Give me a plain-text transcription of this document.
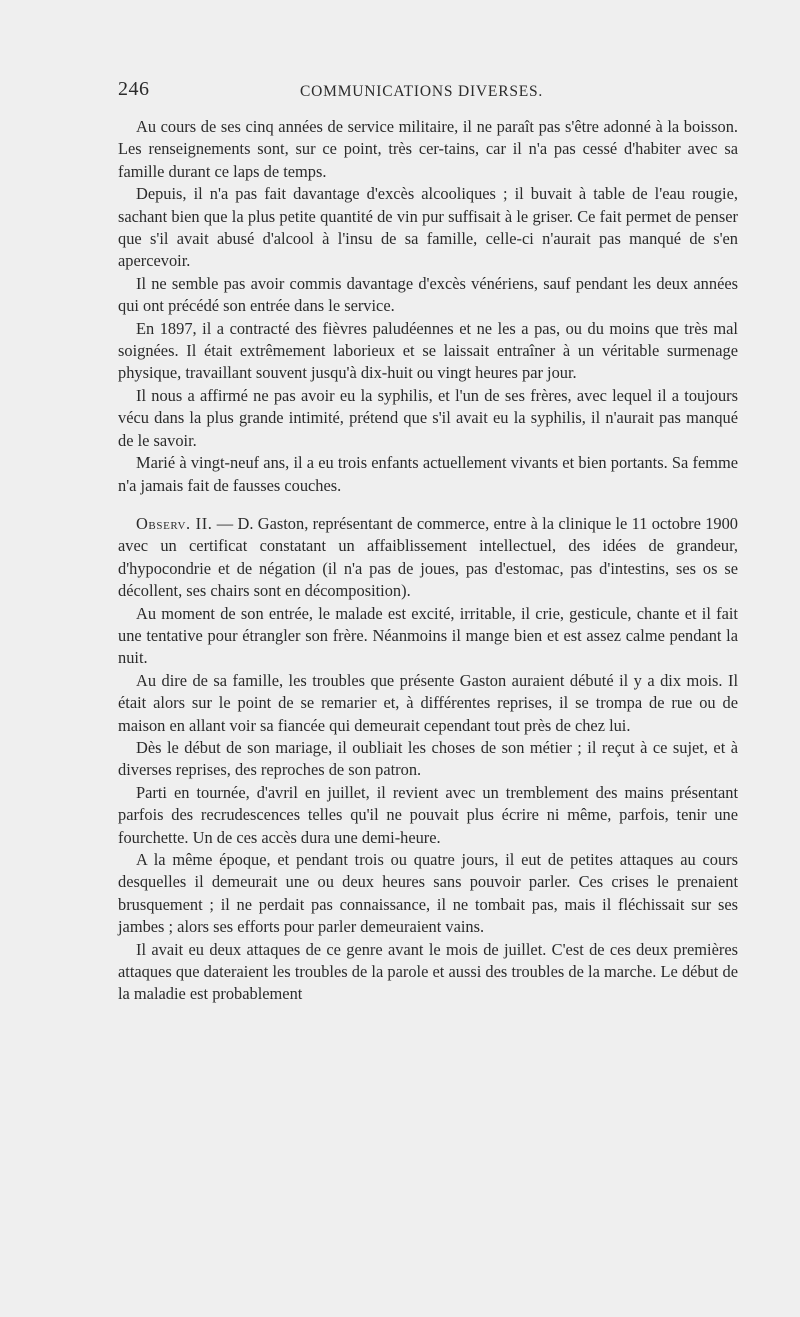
246	COMMUNICATIONS DIVERSES.

Au cours de ses cinq années de service militaire, il ne paraît pas s'être adonné à la boisson. Les renseignements sont, sur ce point, très cer-tains, car il n'a pas cessé d'habiter avec sa famille durant ce laps de temps.

Depuis, il n'a pas fait davantage d'excès alcooliques ; il buvait à table de l'eau rougie, sachant bien que la plus petite quantité de vin pur suffisait à le griser. Ce fait permet de penser que s'il avait abusé d'alcool à l'insu de sa famille, celle-ci n'aurait pas manqué de s'en apercevoir.

Il ne semble pas avoir commis davantage d'excès vénériens, sauf pendant les deux années qui ont précédé son entrée dans le service.

En 1897, il a contracté des fièvres paludéennes et ne les a pas, ou du moins que très mal soignées. Il était extrêmement laborieux et se laissait entraîner à un véritable surmenage physique, travaillant souvent jusqu'à dix-huit ou vingt heures par jour.

Il nous a affirmé ne pas avoir eu la syphilis, et l'un de ses frères, avec lequel il a toujours vécu dans la plus grande intimité, prétend que s'il avait eu la syphilis, il n'aurait pas manqué de le savoir.

Marié à vingt-neuf ans, il a eu trois enfants actuellement vivants et bien portants. Sa femme n'a jamais fait de fausses couches.

Observ. II. — D. Gaston, représentant de commerce, entre à la clinique le 11 octobre 1900 avec un certificat constatant un affaiblissement intellectuel, des idées de grandeur, d'hypocondrie et de négation (il n'a pas de joues, pas d'estomac, pas d'intestins, ses os se décollent, ses chairs sont en décomposition).

Au moment de son entrée, le malade est excité, irritable, il crie, gesticule, chante et il fait une tentative pour étrangler son frère. Néanmoins il mange bien et est assez calme pendant la nuit.

Au dire de sa famille, les troubles que présente Gaston auraient débuté il y a dix mois. Il était alors sur le point de se remarier et, à différentes reprises, il se trompa de rue ou de maison en allant voir sa fiancée qui demeurait cependant tout près de chez lui.

Dès le début de son mariage, il oubliait les choses de son métier ; il reçut à ce sujet, et à diverses reprises, des reproches de son patron.

Parti en tournée, d'avril en juillet, il revient avec un tremblement des mains présentant parfois des recrudescences telles qu'il ne pouvait plus écrire ni même, parfois, tenir une fourchette. Un de ces accès dura une demi-heure.

A la même époque, et pendant trois ou quatre jours, il eut de petites attaques au cours desquelles il demeurait une ou deux heures sans pouvoir parler. Ces crises le prenaient brusquement ; il ne perdait pas connaissance, il ne tombait pas, mais il fléchissait sur ses jambes ; alors ses efforts pour parler demeuraient vains.

Il avait eu deux attaques de ce genre avant le mois de juillet. C'est de ces deux premières attaques que dateraient les troubles de la parole et aussi des troubles de la marche. Le début de la maladie est probablement
